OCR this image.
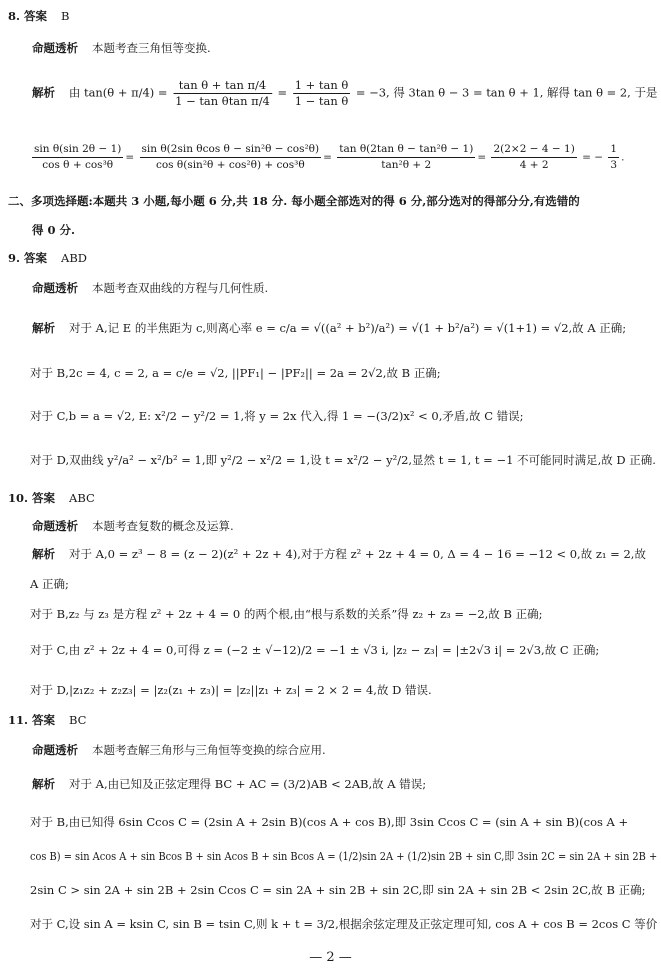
8. 答案 B
命题透析 本题考查三角恒等变换.
解析 由 $\tan(\theta + \pi/4) = \frac{\text{tan θ + tan π/4}}{\text{1 − tan θtan π/4}} = \frac{\text{1 + tan θ}}{\text{1 − tan θ}} = -3$, 得 3tan θ − 3 = tan θ + 1, 解得 tan θ = 2, 于是
$\frac{\text{sin θ(sin 2θ − 1)}}{\text{cos θ + cos³θ}} = \frac{\text{sin θ(2sin θcos θ − sin²θ − cos²θ)}}{\text{cos θ(sin²θ + cos²θ) + cos³θ}} = \frac{\text{tan θ(2tan θ − tan²θ − 1)}}{\text{tan²θ + 2}} = \frac{2(2\times 2 - 4 - 1)}{4 + 2}$ = − $\frac{1}{3}$ .
二、多项选择题:本题共 3 小题,每小题 6 分,共 18 分. 每小题全部选对的得 6 分,部分选对的得部分分,有选错的
得 0 分.
9. 答案 ABD
命题透析 本题考查双曲线的方程与几何性质.
解析 对于 A,记 E 的半焦距为 c,则离心率 e = c/a = √((a² + b²)/a²) = √(1 + b²/a²) = √(1+1) = √2,故 A 正确;
对于 B,2c = 4, c = 2, a = c/e = √2, ||PF₁| − |PF₂|| = 2a = 2√2,故 B 正确;
对于 C,b = a = √2, E: x²/2 − y²/2 = 1,将 y = 2x 代入,得 1 = −(3/2)x² < 0,矛盾,故 C 错误;
对于 D,双曲线 y²/a² − x²/b² = 1,即 y²/2 − x²/2 = 1,设 t = x²/2 − y²/2,显然 t = 1, t = −1 不可能同时满足,故 D 正确.
10. 答案 ABC
命题透析 本题考查复数的概念及运算.
解析 对于 A,0 = z³ − 8 = (z − 2)(z² + 2z + 4),对于方程 z² + 2z + 4 = 0, Δ = 4 − 16 = −12 < 0,故 z₁ = 2,故
A 正确;
对于 B,z₂ 与 z₃ 是方程 z² + 2z + 4 = 0 的两个根,由“根与系数的关系”得 z₂ + z₃ = −2,故 B 正确;
对于 C,由 z² + 2z + 4 = 0,可得 z = (−2 ± √−12)/2 = −1 ± √3 i, |z₂ − z₃| = |±2√3 i| = 2√3,故 C 正确;
对于 D,|z₁z₂ + z₂z₃| = |z₂(z₁ + z₃)| = |z₂||z₁ + z₃| = 2 × 2 = 4,故 D 错误.
11. 答案 BC
命题透析 本题考查解三角形与三角恒等变换的综合应用.
解析 对于 A,由已知及正弦定理得 BC + AC = (3/2)AB < 2AB,故 A 错误;
对于 B,由已知得 6sin Ccos C = (2sin A + 2sin B)(cos A + cos B),即 3sin Ccos C = (sin A + sin B)(cos A +
cos B) = sin Acos A + sin Bcos B + sin Acos B + sin Bcos A = (1/2)sin 2A + (1/2)sin 2B + sin C,即 3sin 2C = sin 2A + sin 2B +
2sin C > sin 2A + sin 2B + 2sin Ccos C = sin 2A + sin 2B + sin 2C,即 sin 2A + sin 2B < 2sin 2C,故 B 正确;
对于 C,设 sin A = ksin C, sin B = tsin C,则 k + t = 3/2,根据余弦定理及正弦定理可知, cos A + cos B = 2cos C 等价
— 2 —
